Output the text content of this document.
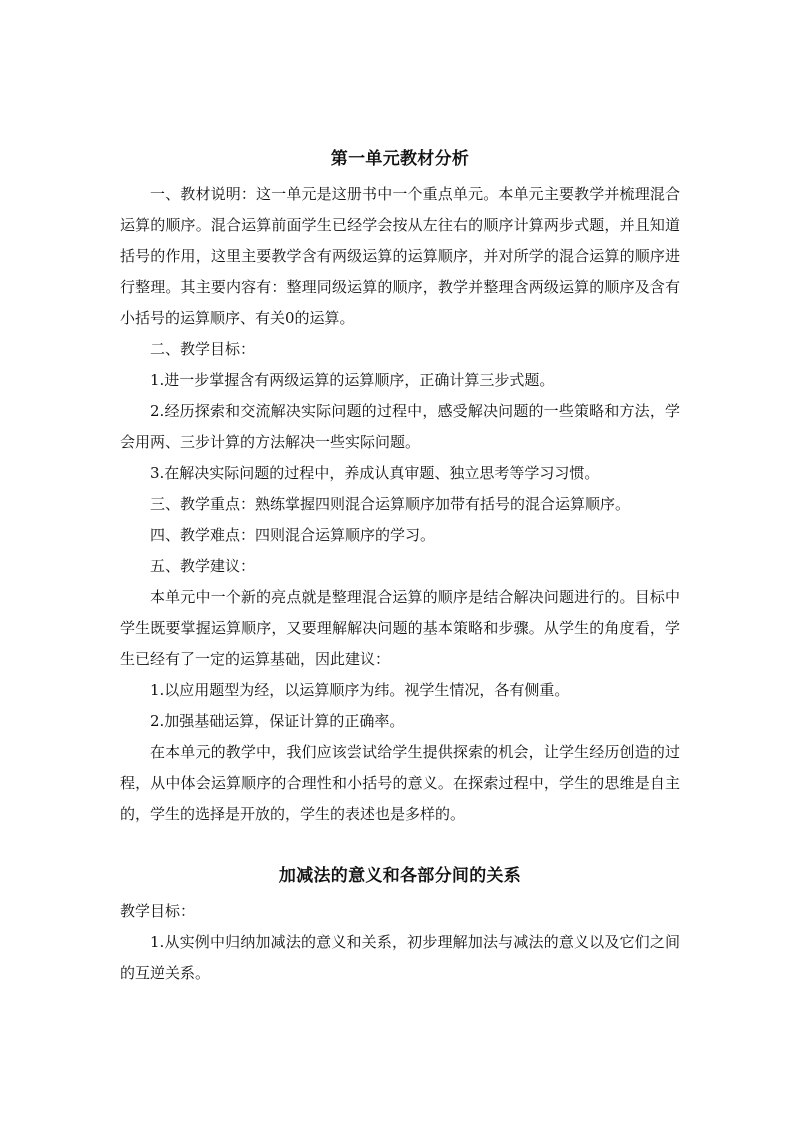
第一单元教材分析

一、教材说明：这一单元是这册书中一个重点单元。本单元主要教学并梳理混合运算的顺序。混合运算前面学生已经学会按从左往右的顺序计算两步式题，并且知道括号的作用，这里主要教学含有两级运算的运算顺序，并对所学的混合运算的顺序进行整理。其主要内容有：整理同级运算的顺序，教学并整理含两级运算的顺序及含有小括号的运算顺序、有关0的运算。

二、教学目标：

1.进一步掌握含有两级运算的运算顺序，正确计算三步式题。

2.经历探索和交流解决实际问题的过程中，感受解决问题的一些策略和方法，学会用两、三步计算的方法解决一些实际问题。

3.在解决实际问题的过程中，养成认真审题、独立思考等学习习惯。

三、教学重点：熟练掌握四则混合运算顺序加带有括号的混合运算顺序。

四、教学难点：四则混合运算顺序的学习。

五、教学建议：

本单元中一个新的亮点就是整理混合运算的顺序是结合解决问题进行的。目标中学生既要掌握运算顺序，又要理解解决问题的基本策略和步骤。从学生的角度看，学生已经有了一定的运算基础，因此建议：

1.以应用题型为经，以运算顺序为纬。视学生情况，各有侧重。

2.加强基础运算，保证计算的正确率。

在本单元的教学中，我们应该尝试给学生提供探索的机会，让学生经历创造的过程，从中体会运算顺序的合理性和小括号的意义。在探索过程中，学生的思维是自主的，学生的选择是开放的，学生的表述也是多样的。

加减法的意义和各部分间的关系

教学目标：

1.从实例中归纳加减法的意义和关系，初步理解加法与减法的意义以及它们之间的互逆关系。
